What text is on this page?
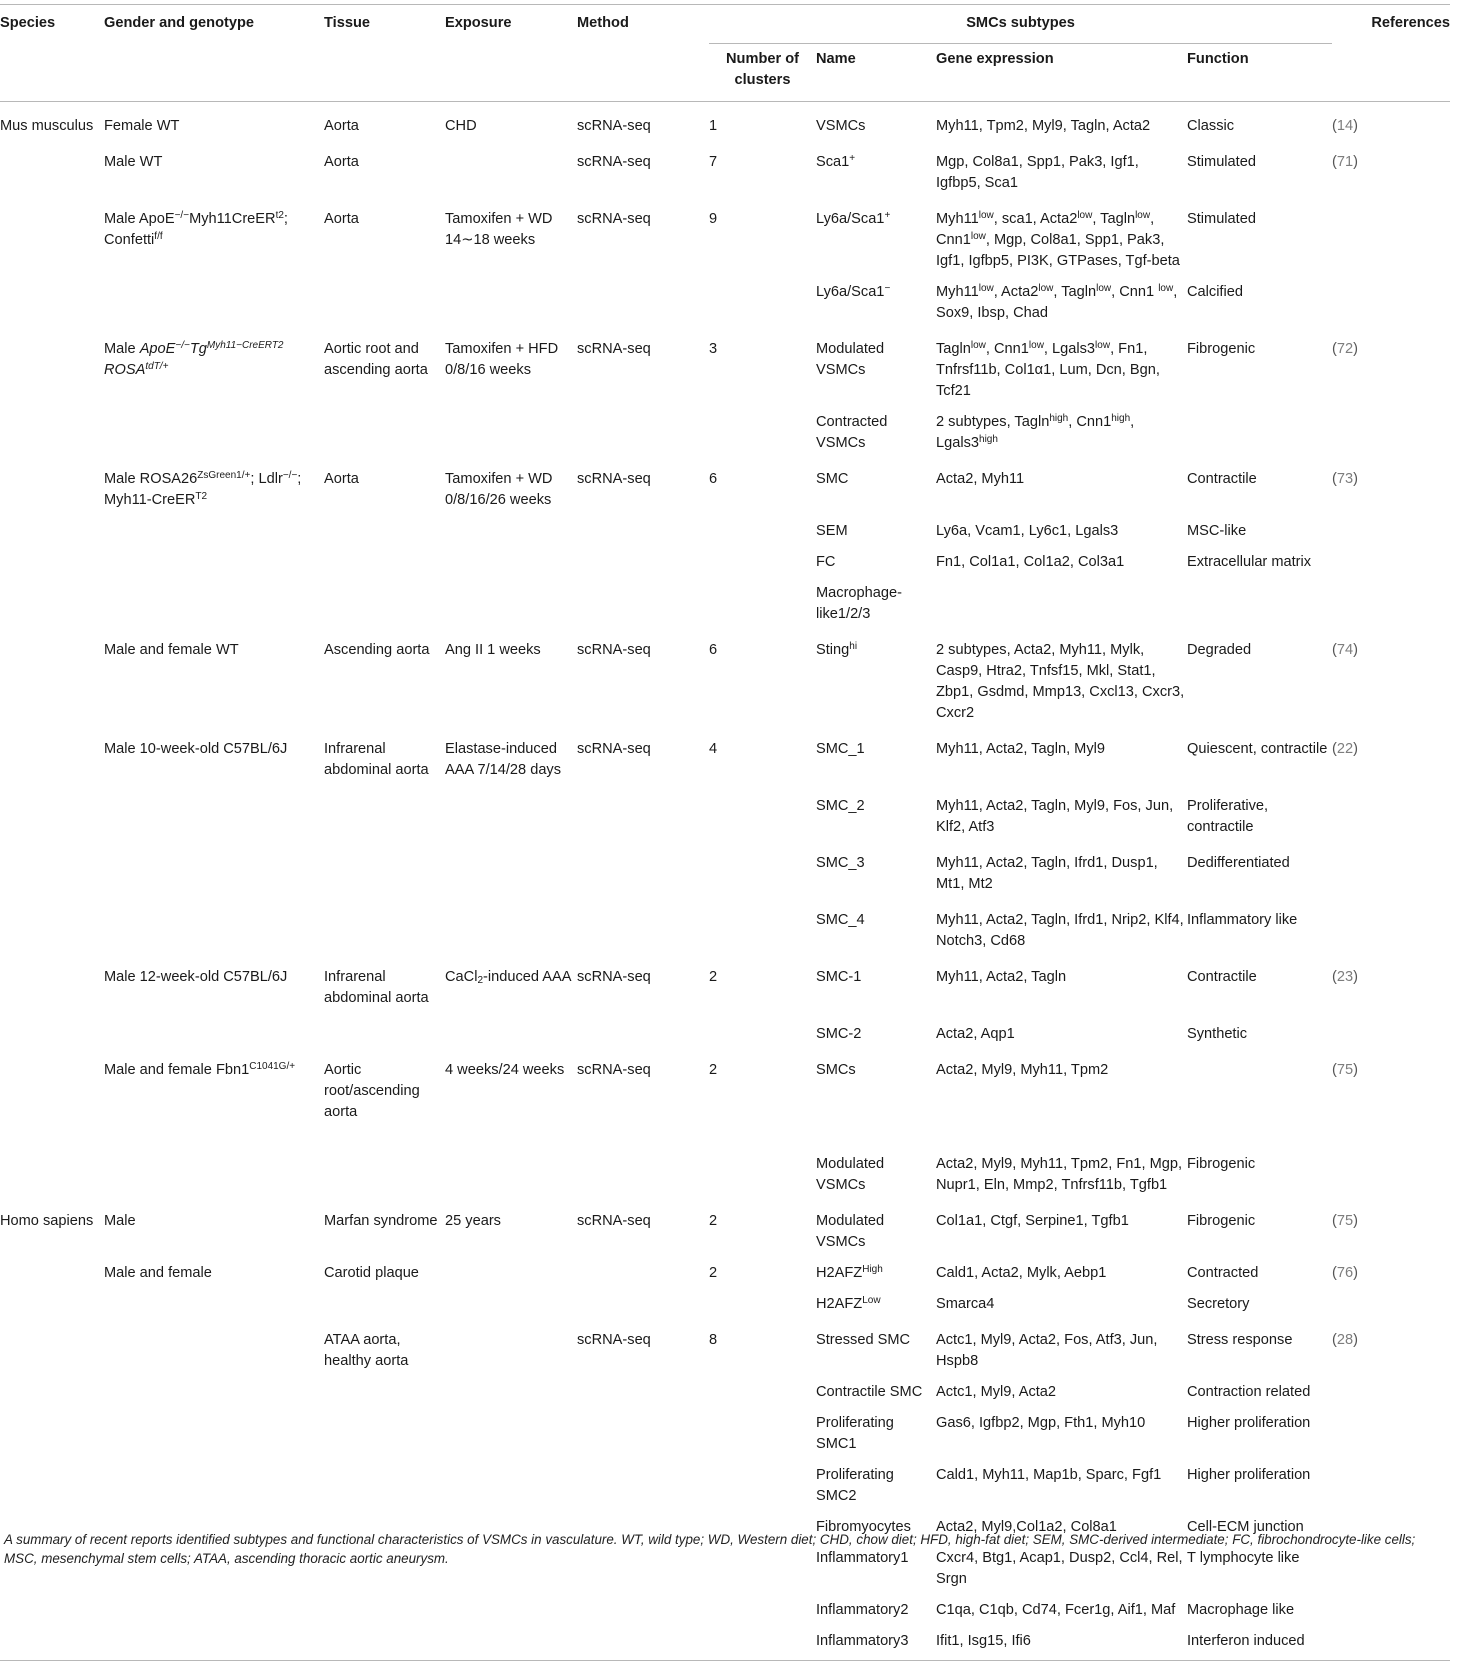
Species	Gender and genotype	Tissue	Exposure	Method	SMCs subtypes				References
					Number of clusters	Name	Gene expression	Function	
Mus musculus	Female WT	Aorta	CHD	scRNA-seq	1	VSMCs	Myh11, Tpm2, Myl9, Tagln, Acta2	Classic	(14)
	Male WT	Aorta		scRNA-seq	7	Sca1+	Mgp, Col8a1, Spp1, Pak3, Igf1, Igfbp5, Sca1	Stimulated	(71)
	Male ApoE−/−Myh11CreER$^{t2}$; Confetti$^{f/f}$	Aorta	Tamoxifen + WD 14∼18 weeks	scRNA-seq	9	Ly6a/Sca1+	$Myh11^{low}$, sca1, $Acta2^{low}$, Tagln$^{low}$, $Cnn1^{low}$, Mgp, Col8a1, Spp1, Pak3, Igf1, Igfbp5, PI3K, GTPases, Tgf-beta	Stimulated	
						Ly6a/Sca1−	$Myh11^{low}$, $Acta2^{low}$, Tagln$^{low}$, Cnn1 $^{low}$, Sox9, Ibsp, Chad	Calcified	
	Male $ApoE^{-/-}Tg^{Myh11-CreERT2}$ $ROSA^{tdT/+}$	Aortic root and ascending aorta	Tamoxifen + HFD 0/8/16 weeks	scRNA-seq	3	Modulated VSMCs	Tagln$^{low}$, $Cnn1^{low}$, $Lgals3^{low}$, Fn1, Tnfrsf11b, Col1α1, Lum, Dcn, Bgn, Tcf21	Fibrogenic	(72)
						Contracted VSMCs	2 subtypes, Tagln$^{high}$, $Cnn1^{high}$, $Lgals3^{high}$		
	Male $ROSA26^{ZsGreen1/+}$; Ldlr−/−; Myh11-CreER$^{T2}$	Aorta	Tamoxifen + WD 0/8/16/26 weeks	scRNA-seq	6	SMC	Acta2, Myh11	Contractile	(73)
						SEM	Ly6a, Vcam1, Ly6c1, Lgals3	MSC-like	
						FC	Fn1, Col1a1, Col1a2, Col3a1	Extracellular matrix	
						Macrophage-like1/2/3			
	Male and female WT	Ascending aorta	Ang II 1 weeks	scRNA-seq	6	Sting$^{hi}$	2 subtypes, Acta2, Myh11, Mylk, Casp9, Htra2, Tnfsf15, Mkl, Stat1, Zbp1, Gsdmd, Mmp13, Cxcl13, Cxcr3, Cxcr2	Degraded	(74)
	Male 10-week-old C57BL/6J	Infrarenal abdominal aorta	Elastase-induced AAA 7/14/28 days	scRNA-seq	4	SMC_1	Myh11, Acta2, Tagln, Myl9	Quiescent, contractile	(22)
						SMC_2	Myh11, Acta2, Tagln, Myl9, Fos, Jun, Klf2, Atf3	Proliferative, contractile	
						SMC_3	Myh11, Acta2, Tagln, Ifrd1, Dusp1, Mt1, Mt2	Dedifferentiated	
						SMC_4	Myh11, Acta2, Tagln, Ifrd1, Nrip2, Klf4, Notch3, Cd68	Inflammatory like	
	Male 12-week-old C57BL/6J	Infrarenal abdominal aorta	CaCl$_2$-induced AAA	scRNA-seq	2	SMC-1	Myh11, Acta2, Tagln	Contractile	(23)
						SMC-2	Acta2, Aqp1	Synthetic	
	Male and female $Fbn1^{C1041G/+}$	Aortic root/ascending aorta	4 weeks/24 weeks	scRNA-seq	2	SMCs	Acta2, Myl9, Myh11, Tpm2		(75)
						Modulated VSMCs	Acta2, Myl9, Myh11, Tpm2, Fn1, Mgp, Nupr1, Eln, Mmp2, Tnfrsf11b, Tgfb1	Fibrogenic	
Homo sapiens	Male	Marfan syndrome	25 years	scRNA-seq	2	Modulated VSMCs	Col1a1, Ctgf, Serpine1, Tgfb1	Fibrogenic	(75)
	Male and female	Carotid plaque			2	$H2AFZ^{High}$	Cald1, Acta2, Mylk, Aebp1	Contracted	(76)
						$H2AFZ^{Low}$	Smarca4	Secretory	
		ATAA aorta, healthy aorta		scRNA-seq	8	Stressed SMC	Actc1, Myl9, Acta2, Fos, Atf3, Jun, Hspb8	Stress response	(28)
						Contractile SMC	Actc1, Myl9, Acta2	Contraction related	
						Proliferating SMC1	Gas6, Igfbp2, Mgp, Fth1, Myh10	Higher proliferation	
						Proliferating SMC2	Cald1, Myh11, Map1b, Sparc, Fgf1	Higher proliferation	
						Fibromyocytes	Acta2, Myl9,Col1a2, Col8a1	Cell-ECM junction	
						Inflammatory1	Cxcr4, Btg1, Acap1, Dusp2, Ccl4, Rel, Srgn	T lymphocyte like	
						Inflammatory2	C1qa, C1qb, Cd74, Fcer1g, Aif1, Maf	Macrophage like	
						Inflammatory3	Ifit1, Isg15, Ifi6	Interferon induced	
A summary of recent reports identified subtypes and functional characteristics of VSMCs in vasculature. WT, wild type; WD, Western diet; CHD, chow diet; HFD, high-fat diet; SEM, SMC-derived intermediate; FC, fibrochondrocyte-like cells; MSC, mesenchymal stem cells; ATAA, ascending thoracic aortic aneurysm.
